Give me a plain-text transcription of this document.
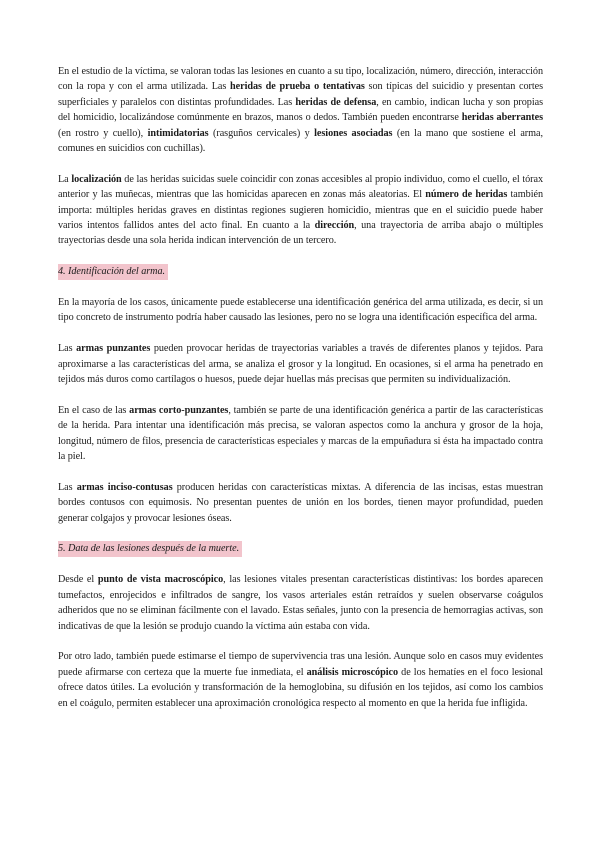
En el estudio de la víctima, se valoran todas las lesiones en cuanto a su tipo, localización, número, dirección, interacción con la ropa y con el arma utilizada. Las heridas de prueba o tentativas son típicas del suicidio y presentan cortes superficiales y paralelos con distintas profundidades. Las heridas de defensa, en cambio, indican lucha y son propias del homicidio, localizándose comúnmente en brazos, manos o dedos. También pueden encontrarse heridas aberrantes (en rostro y cuello), intimidatorias (rasguños cervicales) y lesiones asociadas (en la mano que sostiene el arma, comunes en suicidios con cuchillas).

La localización de las heridas suicidas suele coincidir con zonas accesibles al propio individuo, como el cuello, el tórax anterior y las muñecas, mientras que las homicidas aparecen en zonas más aleatorias. El número de heridas también importa: múltiples heridas graves en distintas regiones sugieren homicidio, mientras que en el suicidio puede haber varios intentos fallidos antes del acto final. En cuanto a la dirección, una trayectoria de arriba abajo o múltiples trayectorias desde una sola herida indican intervención de un tercero.

4. Identificación del arma.

En la mayoría de los casos, únicamente puede establecerse una identificación genérica del arma utilizada, es decir, si un tipo concreto de instrumento podría haber causado las lesiones, pero no se logra una identificación específica del arma.

Las armas punzantes pueden provocar heridas de trayectorias variables a través de diferentes planos y tejidos. Para aproximarse a las características del arma, se analiza el grosor y la longitud. En ocasiones, si el arma ha penetrado en tejidos más duros como cartílagos o huesos, puede dejar huellas más precisas que permiten su individualización.

En el caso de las armas corto-punzantes, también se parte de una identificación genérica a partir de las características de la herida. Para intentar una identificación más precisa, se valoran aspectos como la anchura y grosor de la hoja, longitud, número de filos, presencia de características especiales y marcas de la empuñadura si ésta ha impactado contra la piel.

Las armas inciso-contusas producen heridas con características mixtas. A diferencia de las incisas, estas muestran bordes contusos con equimosis. No presentan puentes de unión en los bordes, tienen mayor profundidad, pueden generar colgajos y provocar lesiones óseas.

5. Data de las lesiones después de la muerte.

Desde el punto de vista macroscópico, las lesiones vitales presentan características distintivas: los bordes aparecen tumefactos, enrojecidos e infiltrados de sangre, los vasos arteriales están retraídos y suelen observarse coágulos adheridos que no se eliminan fácilmente con el lavado. Estas señales, junto con la presencia de hemorragias activas, son indicativas de que la lesión se produjo cuando la víctima aún estaba con vida.

Por otro lado, también puede estimarse el tiempo de supervivencia tras una lesión. Aunque solo en casos muy evidentes puede afirmarse con certeza que la muerte fue inmediata, el análisis microscópico de los hematíes en el foco lesional ofrece datos útiles. La evolución y transformación de la hemoglobina, su difusión en los tejidos, así como los cambios en el coágulo, permiten establecer una aproximación cronológica respecto al momento en que la herida fue infligida.
